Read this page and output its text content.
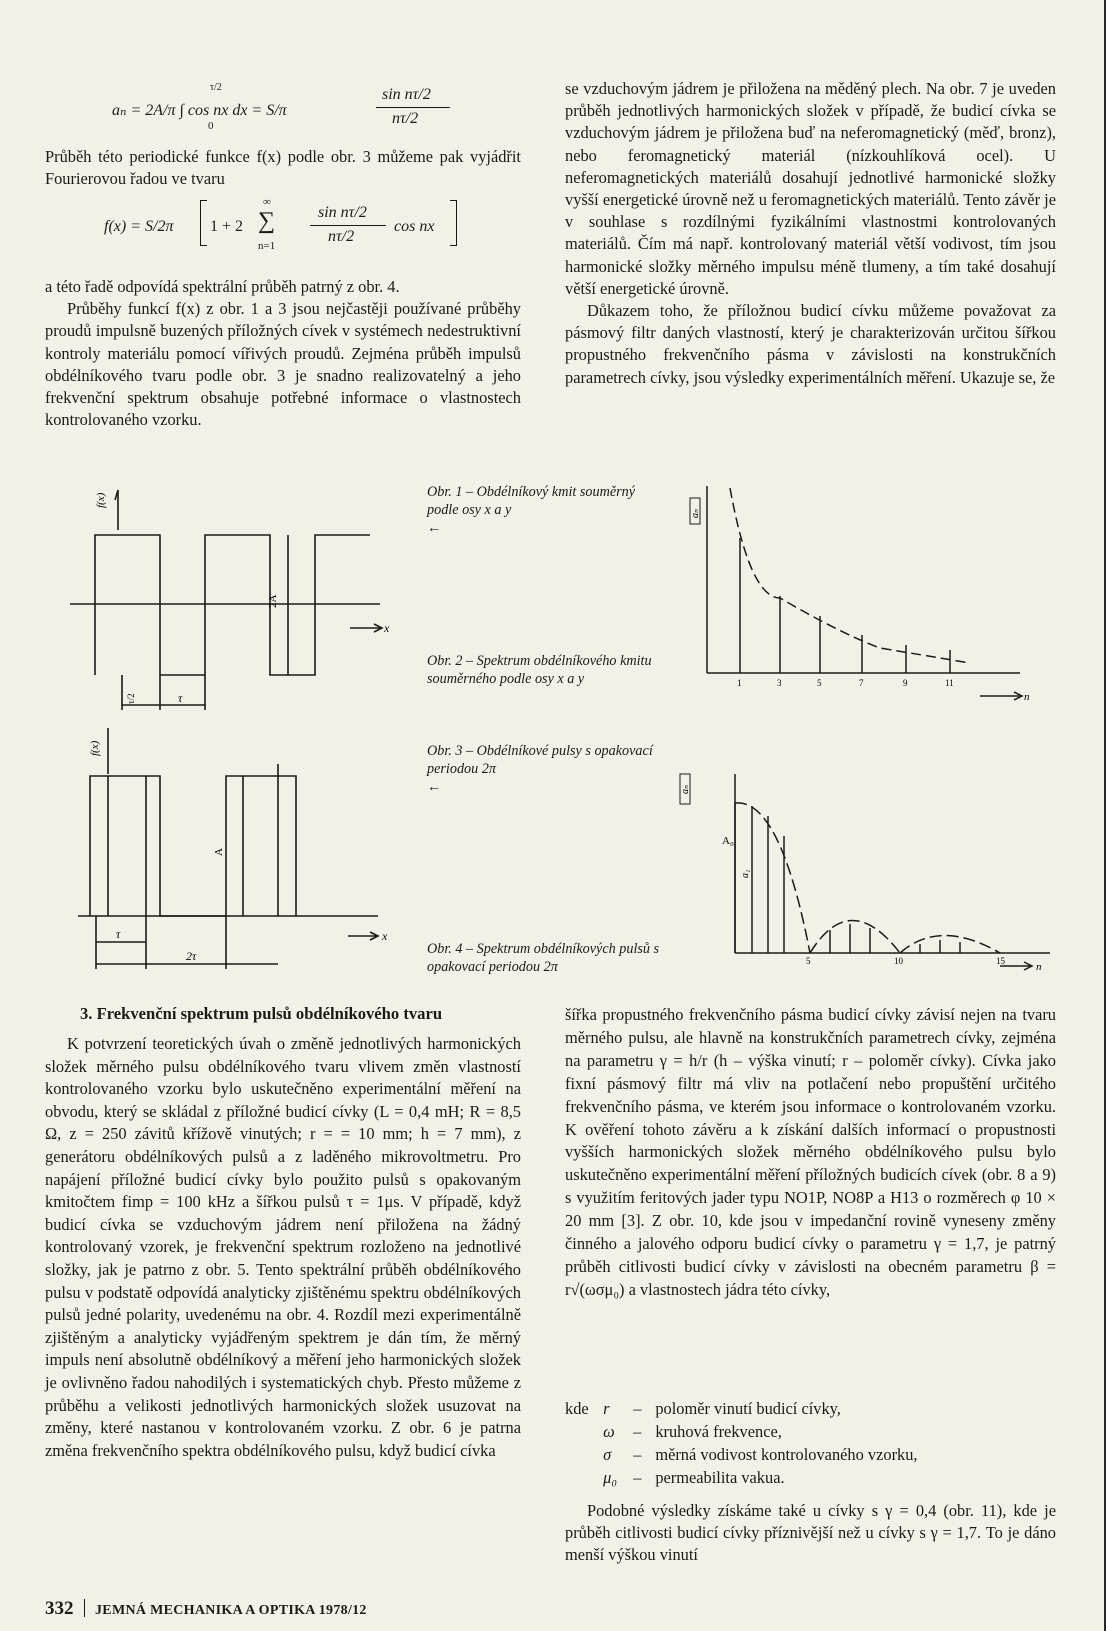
aₙ = 2A/π ∫ cos nx dx = S/π
τ/2
0
sin nτ/2
nτ/2

Průběh této periodické funkce f(x) podle obr. 3 můžeme pak vyjádřit Fourierovou řadou ve tvaru

f(x) = S/2π 1 + 2
∞
∑
n=1
sin nτ/2
nτ/2
cos nx

a této řadě odpovídá spektrální průběh patrný z obr. 4.

Průběhy funkcí f(x) z obr. 1 a 3 jsou nejčastěji používané průběhy proudů impulsně buzených příložných cívek v systémech nedestruktivní kontroly materiálu pomocí vířivých proudů. Zejména průběh impulsů obdélníkového tvaru podle obr. 3 je snadno realizovatelný a jeho frekvenční spektrum obsahuje potřebné informace o vlastnostech kontrolovaného vzorku.

se vzduchovým jádrem je přiložena na měděný plech. Na obr. 7 je uveden průběh jednotlivých harmonických složek v případě, že budicí cívka se vzduchovým jádrem je přiložena buď na neferomagnetický (měď, bronz), nebo feromagnetický materiál (nízkouhlíková ocel). U neferomagnetických materiálů dosahují jednotlivé harmonické složky vyšší energetické úrovně než u feromagnetických materiálů. Tento závěr je v souhlase s rozdílnými fyzikálními vlastnostmi kontrolovaných materiálů. Čím má např. kontrolovaný materiál větší vodivost, tím jsou harmonické složky měrného impulsu méně tlumeny, a tím také dosahují větší energetické úrovně.

Důkazem toho, že příložnou budicí cívku můžeme považovat za pásmový filtr daných vlastností, který je charakterizován určitou šířkou propustného frekvenčního pásma v závislosti na konstrukčních parametrech cívky, jsou výsledky experimentálních měření. Ukazuje se, že

f(x)
2A
x
τ/2	τ
Obr. 1 – Obdélníkový kmit souměrný podle osy x a y
←
aₙ
n
1	3	5	7	9	11
Obr. 2 – Spektrum obdélníkového kmitu souměrného podle osy x a y
f(x)
A
x
τ
2τ
Obr. 3 – Obdélníkové pulsy s opakovací periodou 2π
←	aₙ
A₀
a₁
n
5	10	15
Obr. 4 – Spektrum obdélníkových pulsů s opakovací periodou 2π
3. Frekvenční spektrum pulsů obdélníkového tvaru

K potvrzení teoretických úvah o změně jednotlivých harmonických složek měrného pulsu obdélníkového tvaru vlivem změn vlastností kontrolovaného vzorku bylo uskutečněno experimentální měření na obvodu, který se skládal z příložné budicí cívky (L = 0,4 mH; R = 8,5 Ω, z = 250 závitů křížově vinutých; r = = 10 mm; h = 7 mm), z generátoru obdélníkových pulsů a z laděného mikrovoltmetru. Pro napájení příložné budicí cívky bylo použito pulsů s opakovaným kmitočtem fimp = 100 kHz a šířkou pulsů τ = 1μs. V případě, když budicí cívka se vzduchovým jádrem není přiložena na žádný kontrolovaný vzorek, je frekvenční spektrum rozloženo na jednotlivé složky, jak je patrno z obr. 5. Tento spektrální průběh obdélníkového pulsu v podstatě odpovídá analyticky zjištěnému spektru obdélníkových pulsů jedné polarity, uvedenému na obr. 4. Rozdíl mezi experimentálně zjištěným a analyticky vyjádřeným spektrem je dán tím, že měrný impuls není absolutně obdélníkový a měření jeho harmonických složek je ovlivněno řadou nahodilých i systematických chyb. Přesto můžeme z průběhu a velikosti jednotlivých harmonických složek usuzovat na změny, které nastanou v kontrolovaném vzorku. Z obr. 6 je patrna změna frekvenčního spektra obdélníkového pulsu, když budicí cívka

šířka propustného frekvenčního pásma budicí cívky závisí nejen na tvaru měrného pulsu, ale hlavně na konstrukčních parametrech cívky, zejména na parametru γ = h/r (h – výška vinutí; r – poloměr cívky). Cívka jako fixní pásmový filtr má vliv na potlačení nebo propuštění určitého frekvenčního pásma, ve kterém jsou informace o kontrolovaném vzorku. K ověření tohoto závěru a k získání dalších informací o propustnosti vyšších harmonických složek měrného obdélníkového pulsu bylo uskutečněno experimentální měření příložných budicích cívek (obr. 8 a 9) s využitím feritových jader typu NO1P, NO8P a H13 o rozměrech φ 10 × 20 mm [3]. Z obr. 10, kde jsou v impedanční rovině vyneseny změny činného a jalového odporu budicí cívky o parametru γ = 1,7, je patrný průběh citlivosti budicí cívky v závislosti na obecném parametru β = r√(ωσμ₀) a vlastnostech jádra této cívky,

kde r – poloměr vinutí budicí cívky,
ω – kruhová frekvence,
σ – měrná vodivost kontrolovaného vzorku,
μ₀ – permeabilita vakua.

Podobné výsledky získáme také u cívky s γ = 0,4 (obr. 11), kde je průběh citlivosti budicí cívky příznivější než u cívky s γ = 1,7. To je dáno menší výškou vinutí

332 JEMNÁ MECHANIKA A OPTIKA 1978/12
